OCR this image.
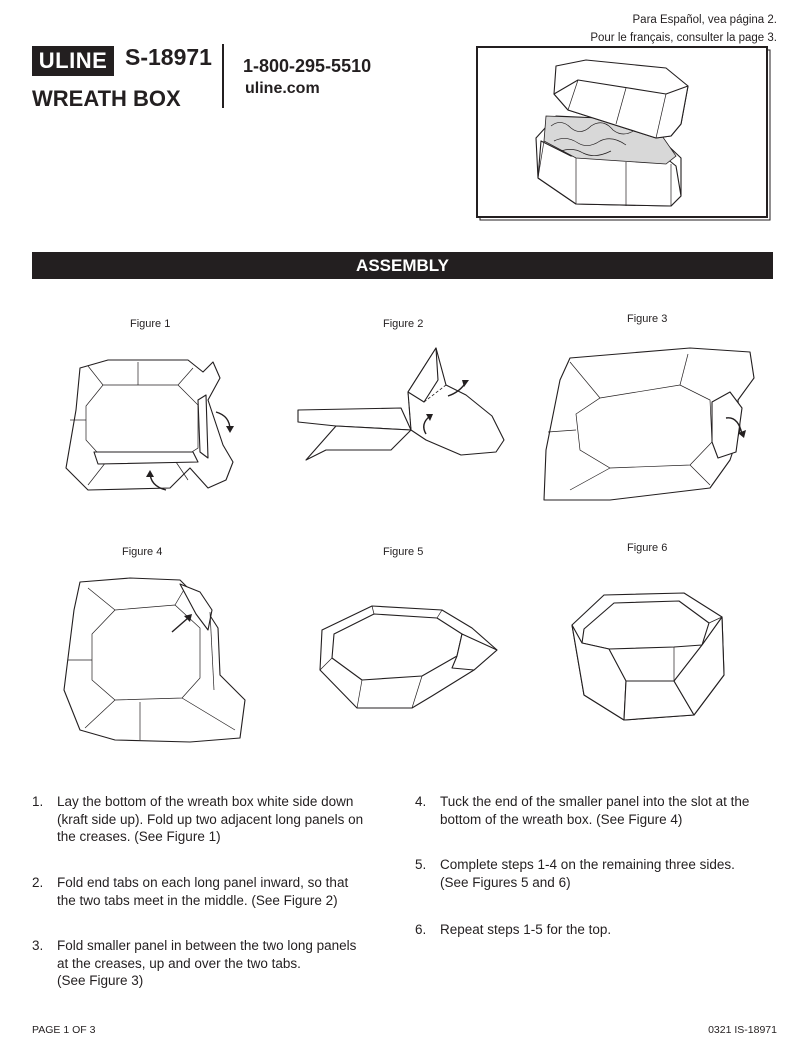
ULINE S-18971
WREATH BOX
1-800-295-5510
uline.com
Para Español, vea página 2.
Pour le français, consulter la page 3.
ASSEMBLY
Figure 1	Figure 2	Figure 3
Figure 4	Figure 5	Figure 6
1. Lay the bottom of the wreath box white side down
(kraft side up). Fold up two adjacent long panels on
the creases. (See Figure 1)
2. Fold end tabs on each long panel inward, so that
the two tabs meet in the middle. (See Figure 2)
3. Fold smaller panel in between the two long panels
at the creases, up and over the two tabs.
(See Figure 3)
4. Tuck the end of the smaller panel into the slot at the
bottom of the wreath box. (See Figure 4)
5. Complete steps 1-4 on the remaining three sides.
(See Figures 5 and 6)
6. Repeat steps 1-5 for the top.
PAGE 1 OF 3	0321 IS-18971
